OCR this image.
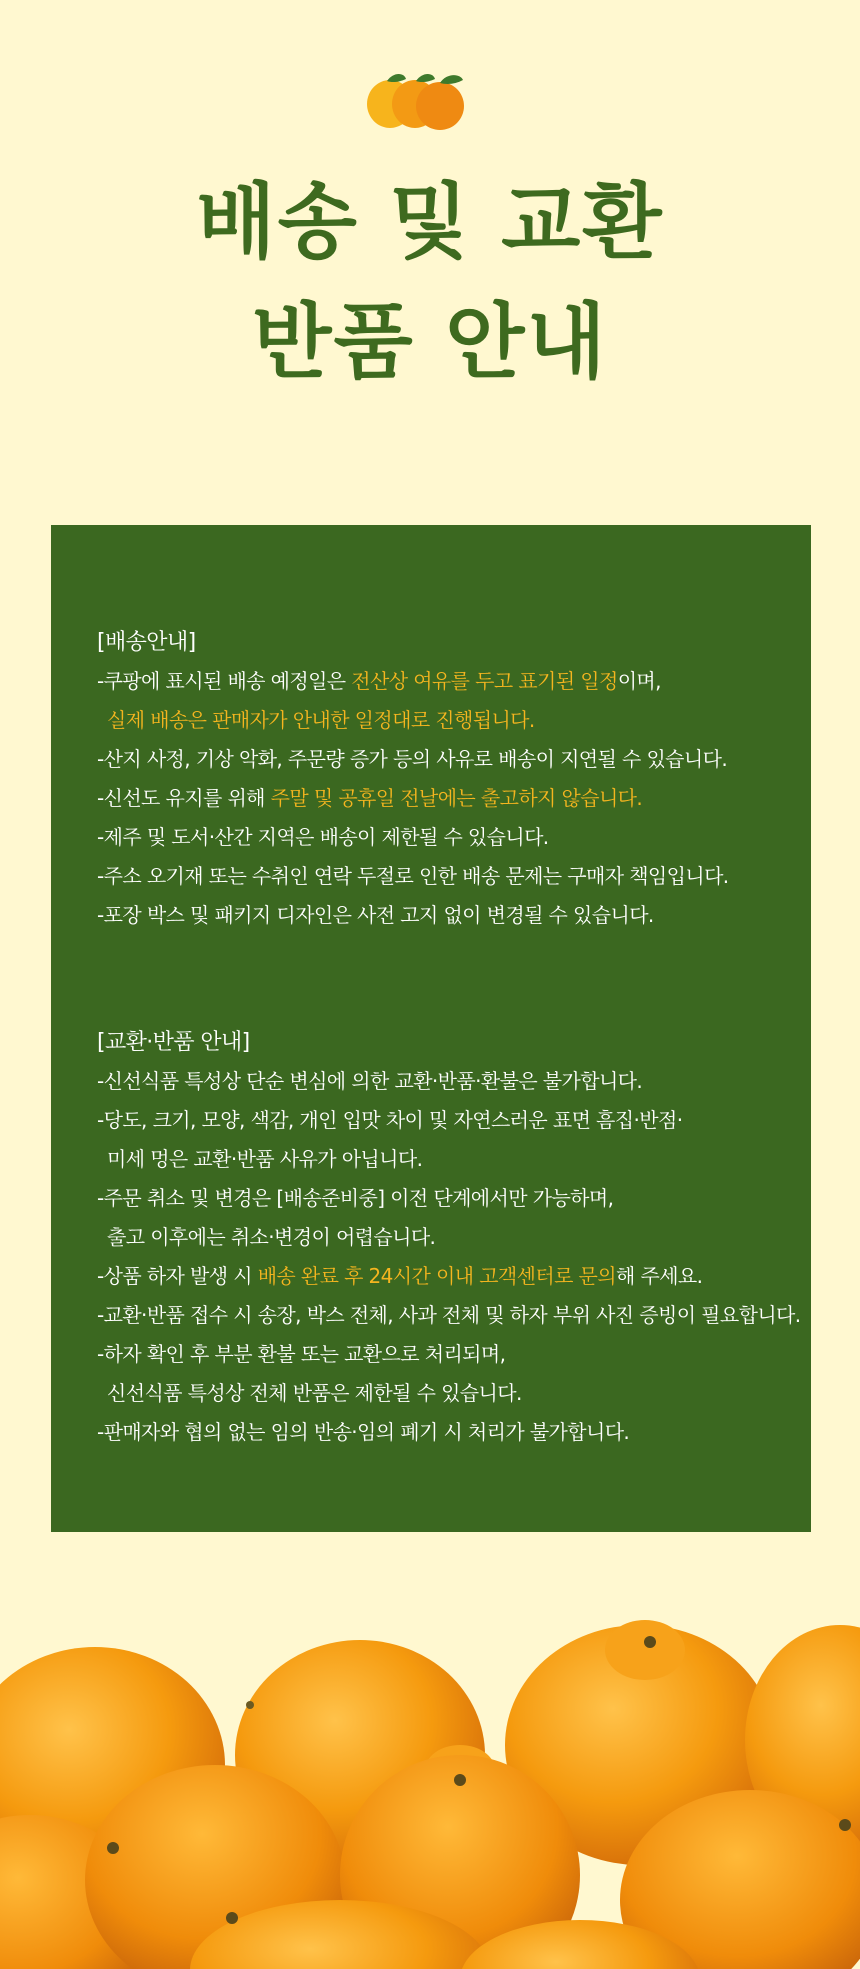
배송 및 교환
반품 안내
[배송안내]
-쿠팡에 표시된 배송 예정일은 전산상 여유를 두고 표기된 일정이며,
실제 배송은 판매자가 안내한 일정대로 진행됩니다.
-산지 사정, 기상 악화, 주문량 증가 등의 사유로 배송이 지연될 수 있습니다.
-신선도 유지를 위해 주말 및 공휴일 전날에는 출고하지 않습니다.
-제주 및 도서·산간 지역은 배송이 제한될 수 있습니다.
-주소 오기재 또는 수취인 연락 두절로 인한 배송 문제는 구매자 책임입니다.
-포장 박스 및 패키지 디자인은 사전 고지 없이 변경될 수 있습니다.
[교환·반품 안내]
-신선식품 특성상 단순 변심에 의한 교환·반품·환불은 불가합니다.
-당도, 크기, 모양, 색감, 개인 입맛 차이 및 자연스러운 표면 흠집·반점·
미세 멍은 교환·반품 사유가 아닙니다.
-주문 취소 및 변경은 [배송준비중] 이전 단계에서만 가능하며,
출고 이후에는 취소·변경이 어렵습니다.
-상품 하자 발생 시 배송 완료 후 24시간 이내 고객센터로 문의해 주세요.
-교환·반품 접수 시 송장, 박스 전체, 사과 전체 및 하자 부위 사진 증빙이 필요합니다.
-하자 확인 후 부분 환불 또는 교환으로 처리되며,
신선식품 특성상 전체 반품은 제한될 수 있습니다.
-판매자와 협의 없는 임의 반송·임의 폐기 시 처리가 불가합니다.
